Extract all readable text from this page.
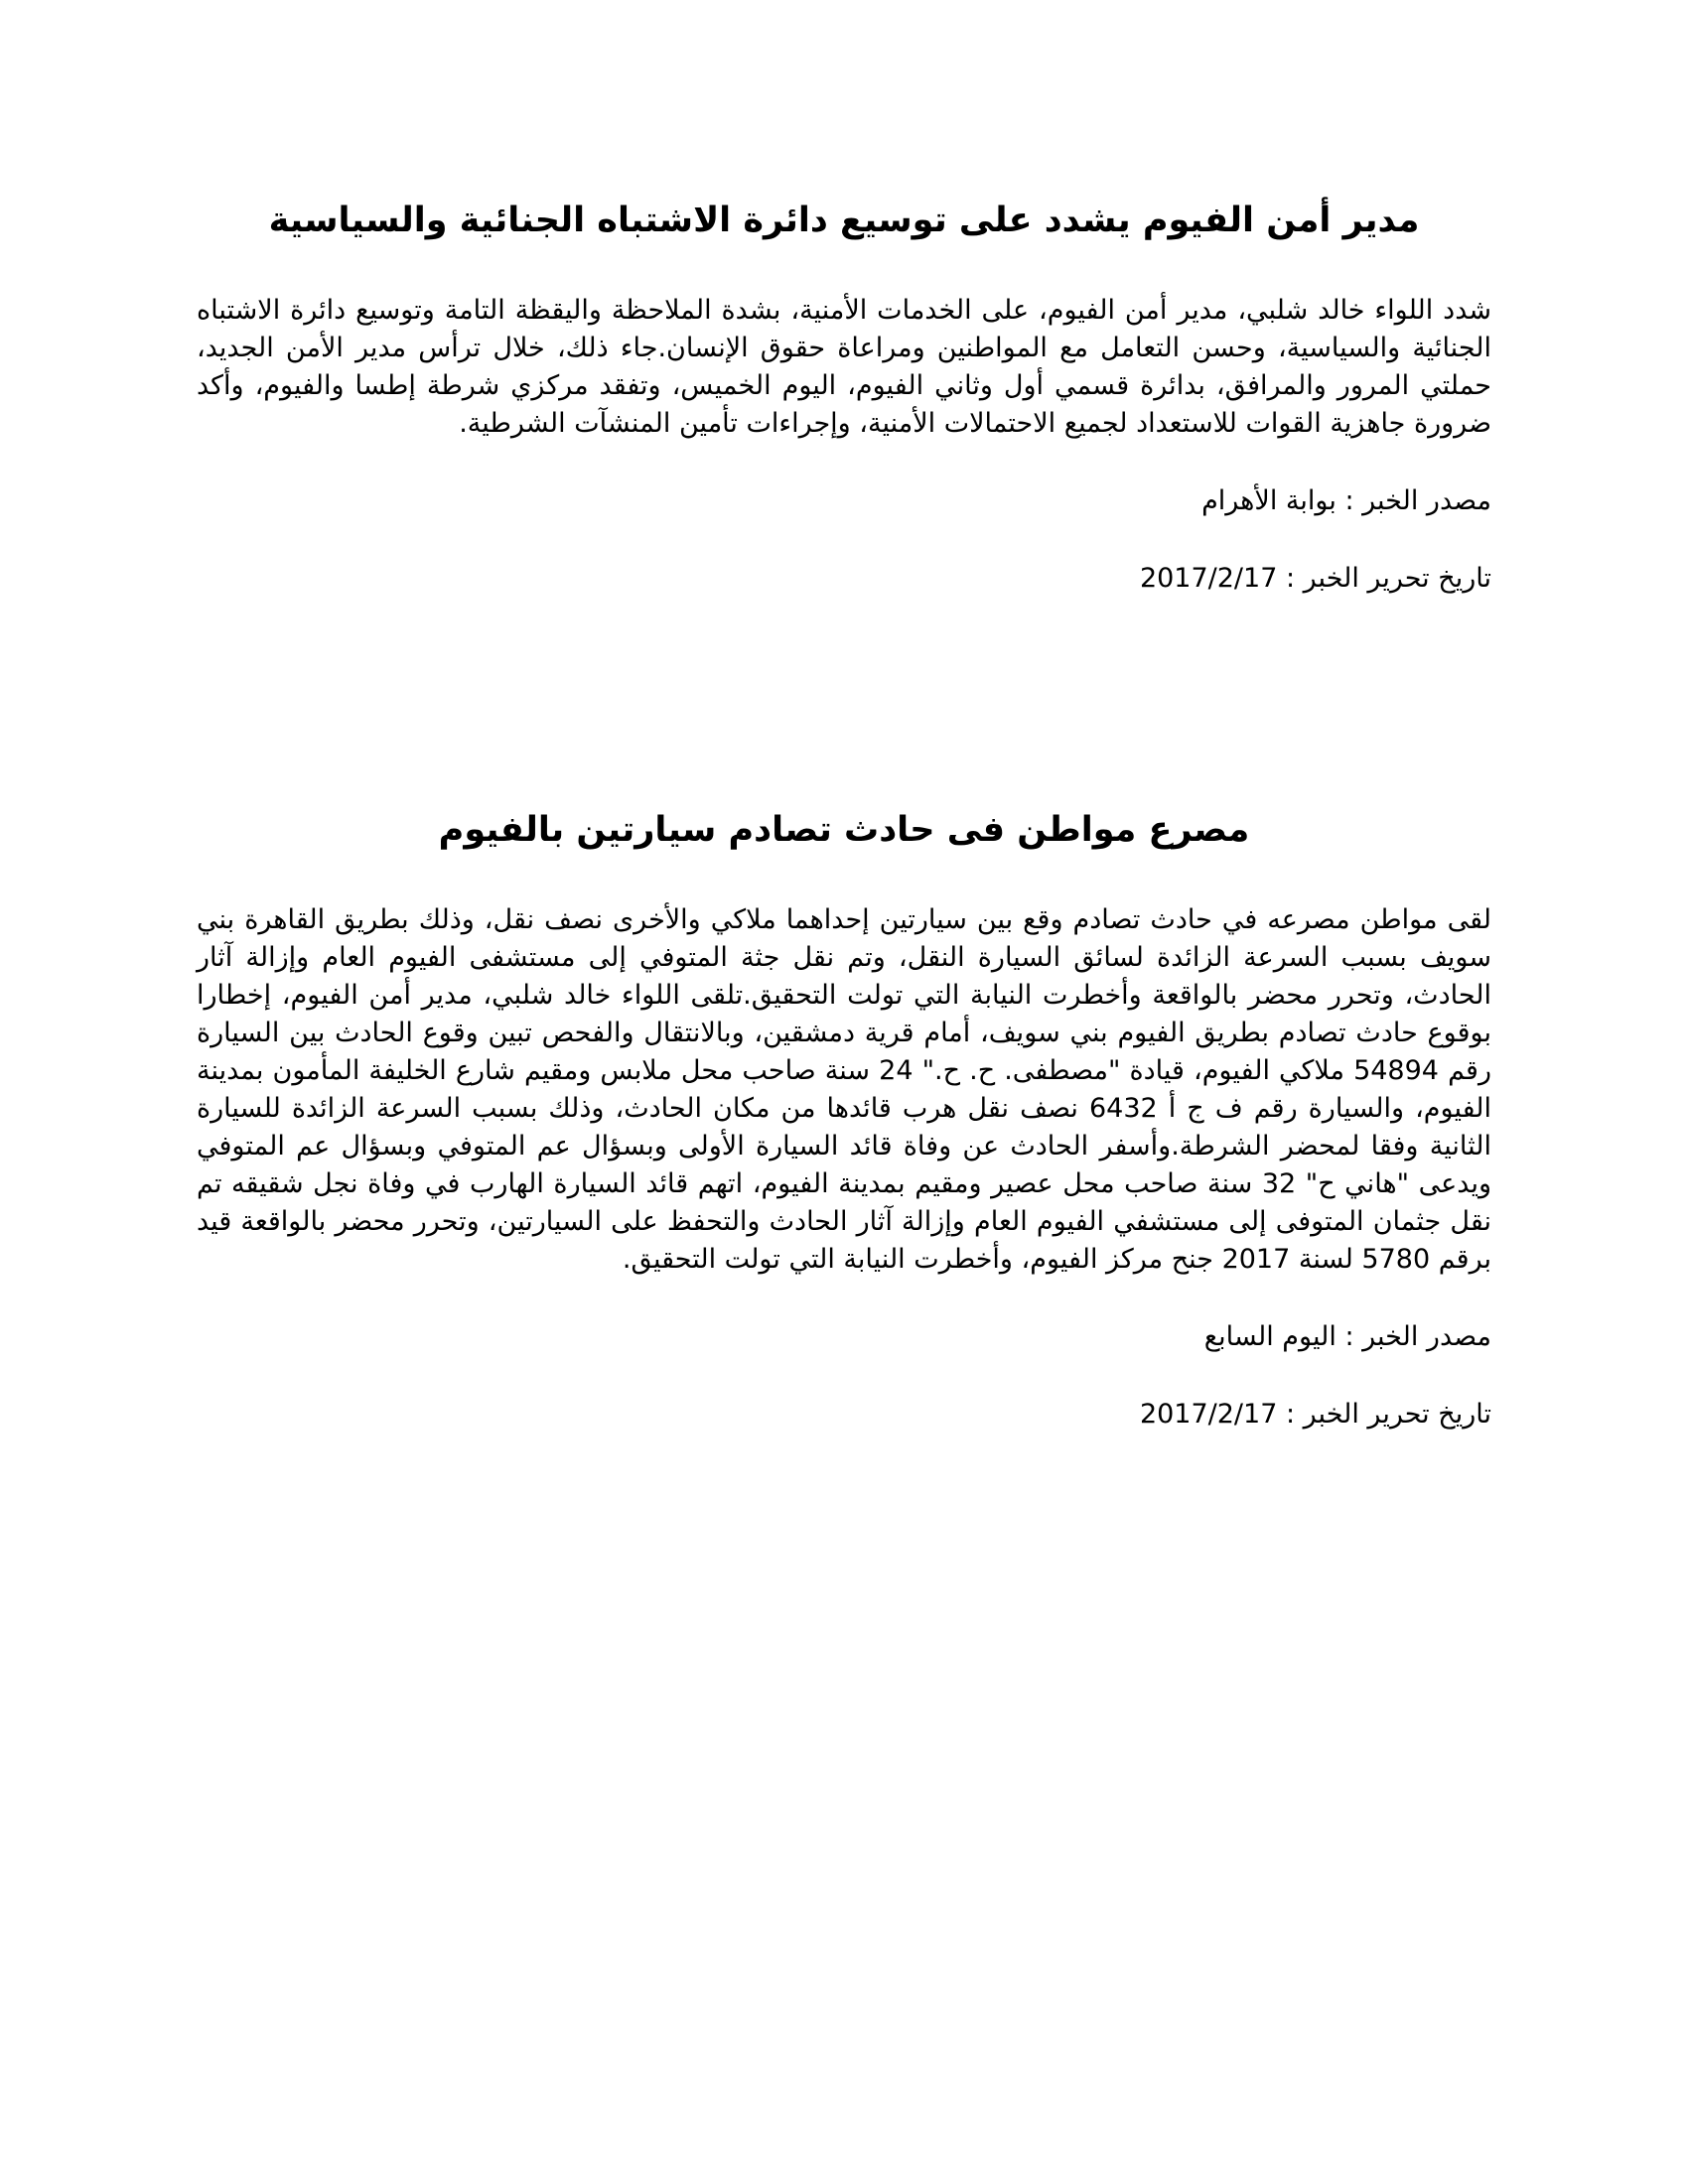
مدير أمن الفيوم يشدد على توسيع دائرة الاشتباه الجنائية والسياسية

شدد اللواء خالد شلبي، مدير أمن الفيوم، على الخدمات الأمنية، بشدة الملاحظة واليقظة التامة وتوسيع دائرة الاشتباه الجنائية والسياسية، وحسن التعامل مع المواطنين ومراعاة حقوق الإنسان.جاء ذلك، خلال ترأس مدير الأمن الجديد، حملتي المرور والمرافق، بدائرة قسمي أول وثاني الفيوم، اليوم الخميس، وتفقد مركزي شرطة إطسا والفيوم، وأكد ضرورة جاهزية القوات للاستعداد لجميع الاحتمالات الأمنية، وإجراءات تأمين المنشآت الشرطية.

مصدر الخبر : بوابة الأهرام

تاريخ تحرير الخبر : 2017/2/17

مصرع مواطن فى حادث تصادم سيارتين بالفيوم

لقى مواطن مصرعه في حادث تصادم وقع بين سيارتين إحداهما ملاكي والأخرى نصف نقل، وذلك بطريق القاهرة بني سويف بسبب السرعة الزائدة لسائق السيارة النقل، وتم نقل جثة المتوفي إلى مستشفى الفيوم العام وإزالة آثار الحادث، وتحرر محضر بالواقعة وأخطرت النيابة التي تولت التحقيق.تلقى اللواء خالد شلبي، مدير أمن الفيوم، إخطارا بوقوع حادث تصادم بطريق الفيوم بني سويف، أمام قرية دمشقين، وبالانتقال والفحص تبين وقوع الحادث بين السيارة رقم 54894 ملاكي الفيوم، قيادة "مصطفى. ح. ح." 24 سنة صاحب محل ملابس ومقيم شارع الخليفة المأمون بمدينة الفيوم، والسيارة رقم ف ج أ 6432 نصف نقل هرب قائدها من مكان الحادث، وذلك بسبب السرعة الزائدة للسيارة الثانية وفقا لمحضر الشرطة.وأسفر الحادث عن وفاة قائد السيارة الأولى وبسؤال عم المتوفي وبسؤال عم المتوفي ويدعى "هاني ح" 32 سنة صاحب محل عصير ومقيم بمدينة الفيوم، اتهم قائد السيارة الهارب في وفاة نجل شقيقه تم نقل جثمان المتوفى إلى مستشفي الفيوم العام وإزالة آثار الحادث والتحفظ على السيارتين، وتحرر محضر بالواقعة قيد برقم 5780 لسنة 2017 جنح مركز الفيوم، وأخطرت النيابة التي تولت التحقيق.

مصدر الخبر : اليوم السابع

تاريخ تحرير الخبر : 2017/2/17
